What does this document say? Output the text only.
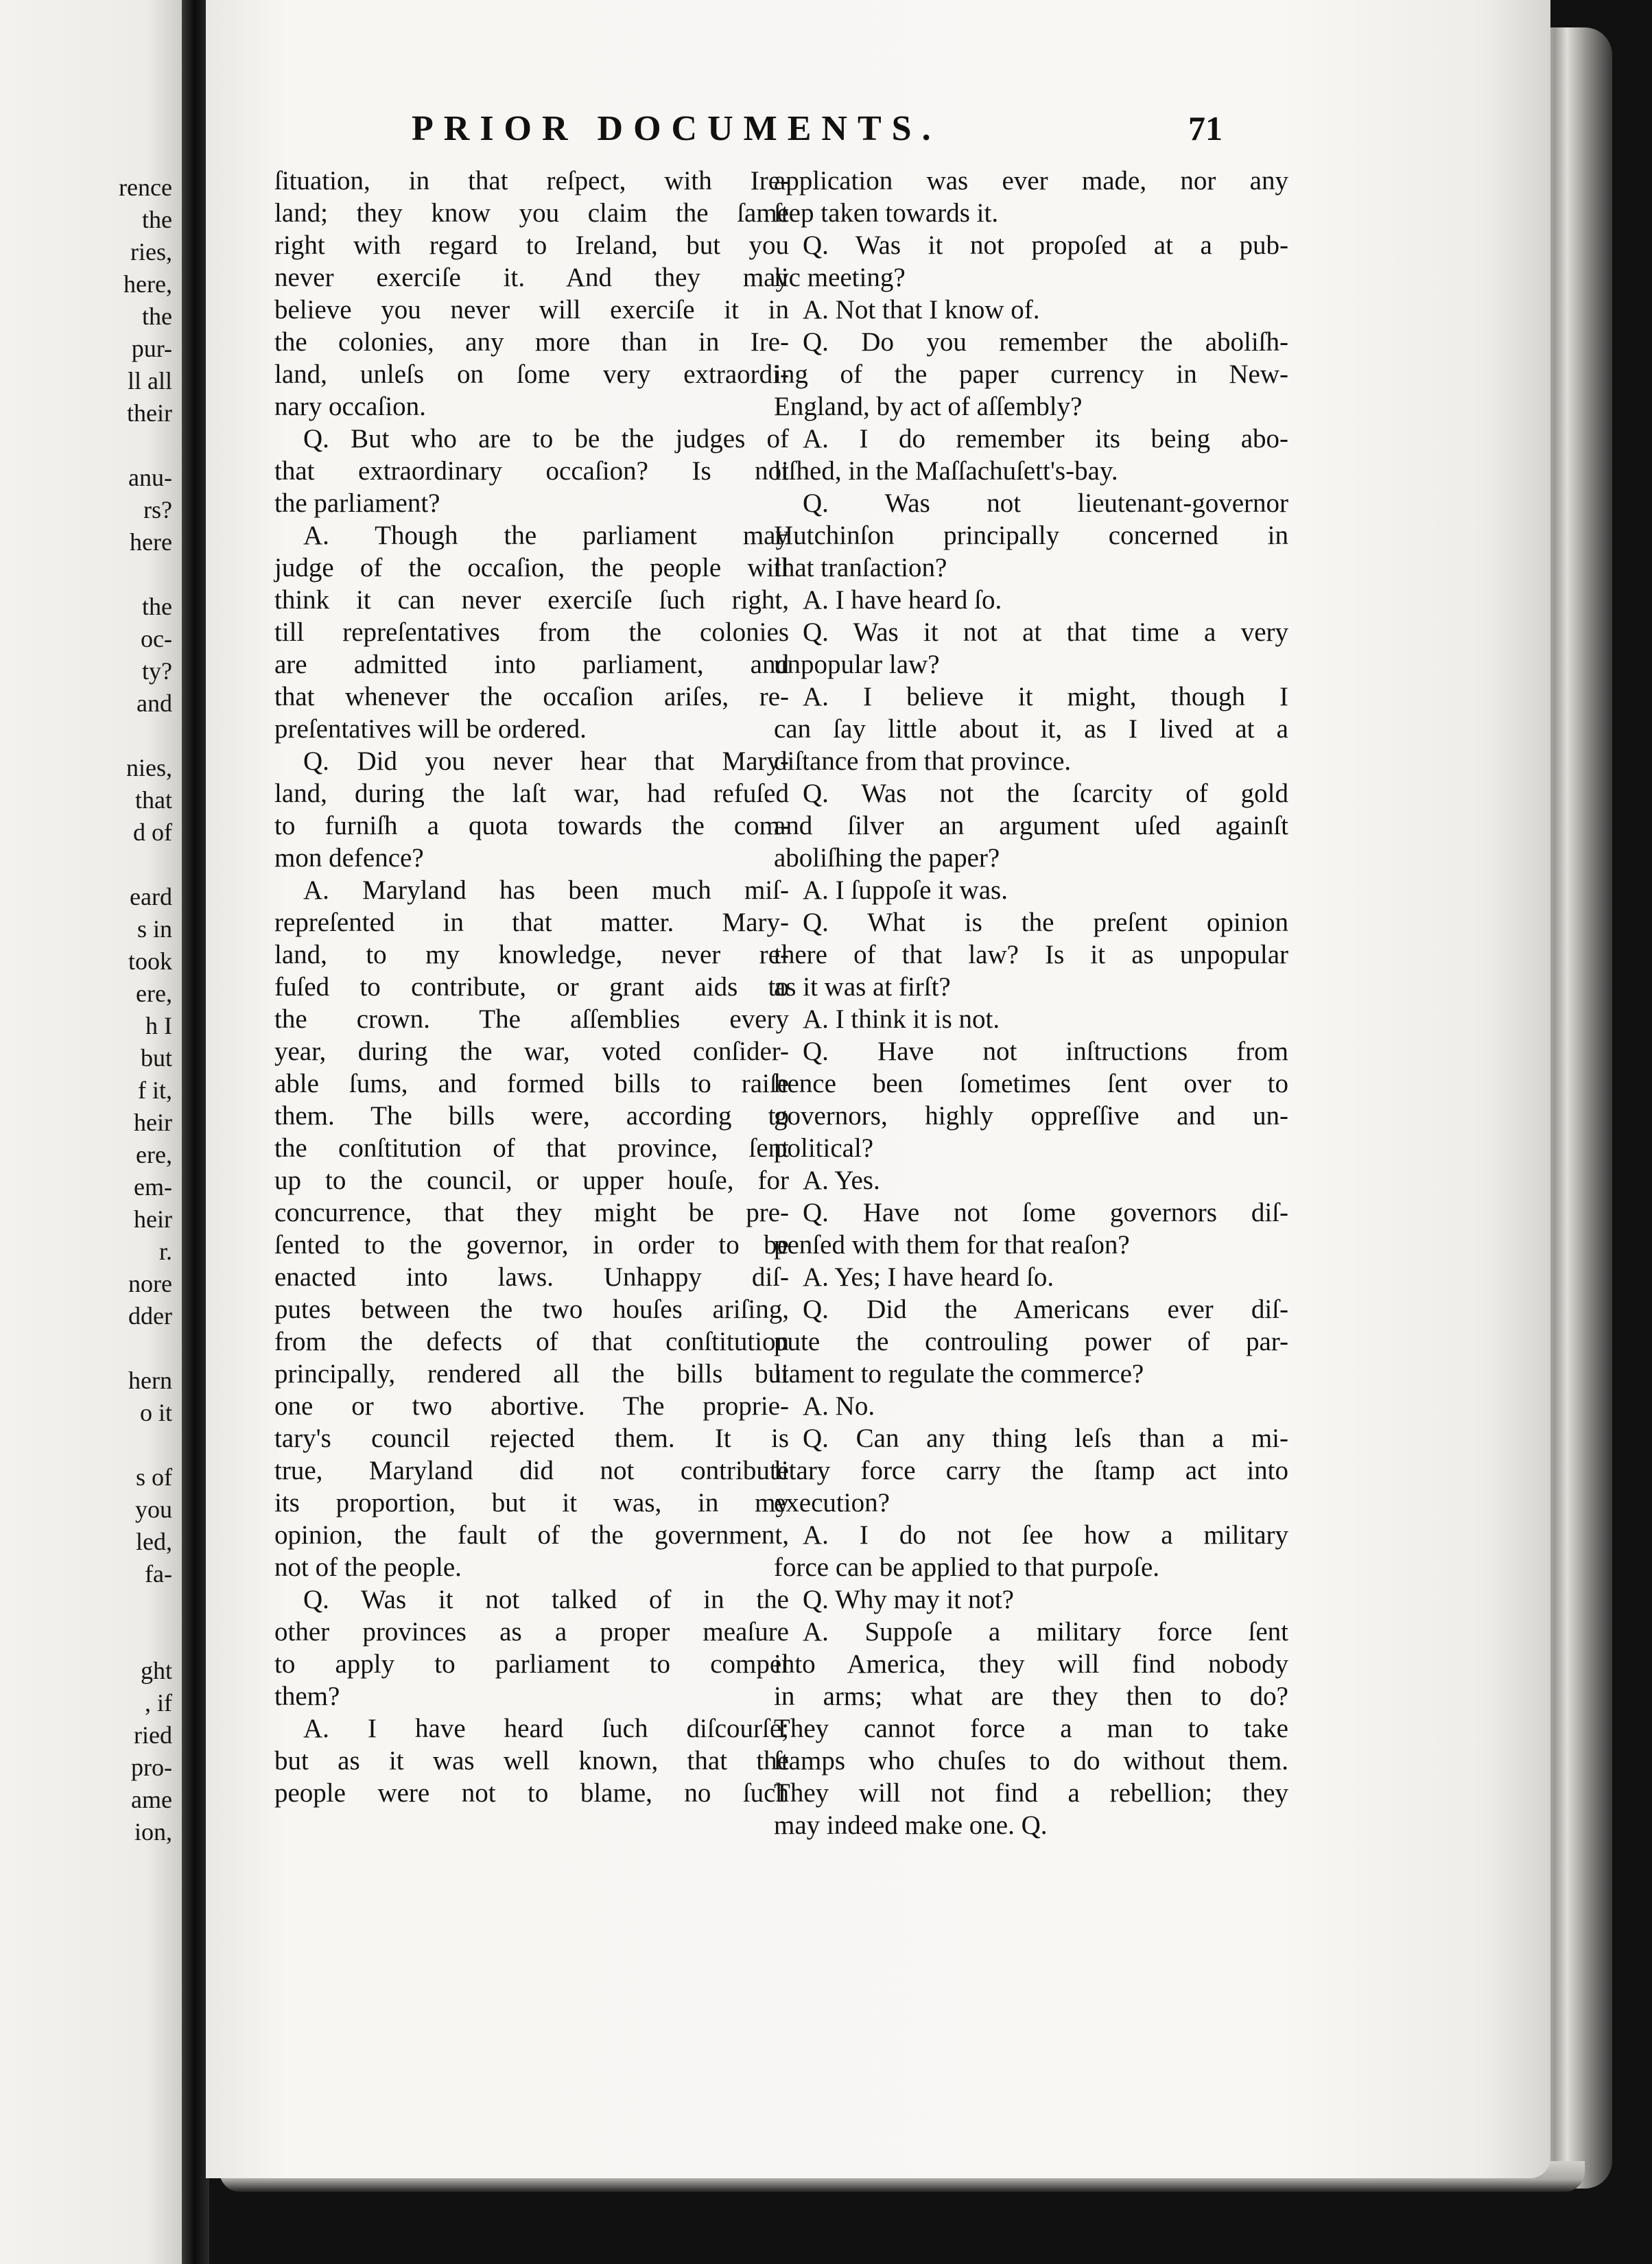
rence

the

ries,

here,

the

pur-

ll all

their

anu-

rs?

here

the

oc-

ty?

and

nies,

that

d of

eard

s in

took

ere,

h I

but

f it,

heir

ere,

em-

heir

r.

nore

dder

hern

o it

s of

you

led,

fa-

ght

, if

ried

pro-

ame

ion,

PRIOR DOCUMENTS.	71

ſituation, in that reſpect, with Ire-

land; they know you claim the ſame

right with regard to Ireland, but you

never exerciſe it. And they may

believe you never will exerciſe it in

the colonies, any more than in Ire-

land, unleſs on ſome very extraordi-

nary occaſion.

Q. But who are to be the judges of

that extraordinary occaſion? Is not

the parliament?

A. Though the parliament may

judge of the occaſion, the people will

think it can never exerciſe ſuch right,

till repreſentatives from the colonies

are admitted into parliament, and

that whenever the occaſion ariſes, re-

preſentatives will be ordered.

Q. Did you never hear that Mary-

land, during the laſt war, had refuſed

to furniſh a quota towards the com-

mon defence?

A. Maryland has been much miſ-

repreſented in that matter. Mary-

land, to my knowledge, never re-

fuſed to contribute, or grant aids to

the crown. The aſſemblies every

year, during the war, voted conſider-

able ſums, and formed bills to raiſe

them. The bills were, according to

the conſtitution of that province, ſent

up to the council, or upper houſe, for

concurrence, that they might be pre-

ſented to the governor, in order to be

enacted into laws. Unhappy diſ-

putes between the two houſes ariſing,

from the defects of that conſtitution

principally, rendered all the bills but

one or two abortive. The proprie-

tary's council rejected them. It is

true, Maryland did not contribute

its proportion, but it was, in my

opinion, the fault of the government,

not of the people.

Q. Was it not talked of in the

other provinces as a proper meaſure

to apply to parliament to compel

them?

A. I have heard ſuch diſcourſe;

but as it was well known, that the

people were not to blame, no ſuch

application was ever made, nor any

ſtep taken towards it.

Q. Was it not propoſed at a pub-

lic meeting?

A. Not that I know of.

Q. Do you remember the aboliſh-

ing of the paper currency in New-

England, by act of aſſembly?

A. I do remember its being abo-

liſhed, in the Maſſachuſett's-bay.

Q. Was not lieutenant-governor

Hutchinſon principally concerned in

that tranſaction?

A. I have heard ſo.

Q. Was it not at that time a very

unpopular law?

A. I believe it might, though I

can ſay little about it, as I lived at a

diſtance from that province.

Q. Was not the ſcarcity of gold

and ſilver an argument uſed againſt

aboliſhing the paper?

A. I ſuppoſe it was.

Q. What is the preſent opinion

there of that law? Is it as unpopular

as it was at firſt?

A. I think it is not.

Q. Have not inſtructions from

hence been ſometimes ſent over to

governors, highly oppreſſive and un-

political?

A. Yes.

Q. Have not ſome governors diſ-

penſed with them for that reaſon?

A. Yes; I have heard ſo.

Q. Did the Americans ever diſ-

pute the controuling power of par-

liament to regulate the commerce?

A. No.

Q. Can any thing leſs than a mi-

litary force carry the ſtamp act into

execution?

A. I do not ſee how a military

force can be applied to that purpoſe.

Q. Why may it not?

A. Suppoſe a military force ſent

into America, they will find nobody

in arms; what are they then to do?

They cannot force a man to take

ſtamps who chuſes to do without them.

They will not find a rebellion; they

may indeed make one. Q.
